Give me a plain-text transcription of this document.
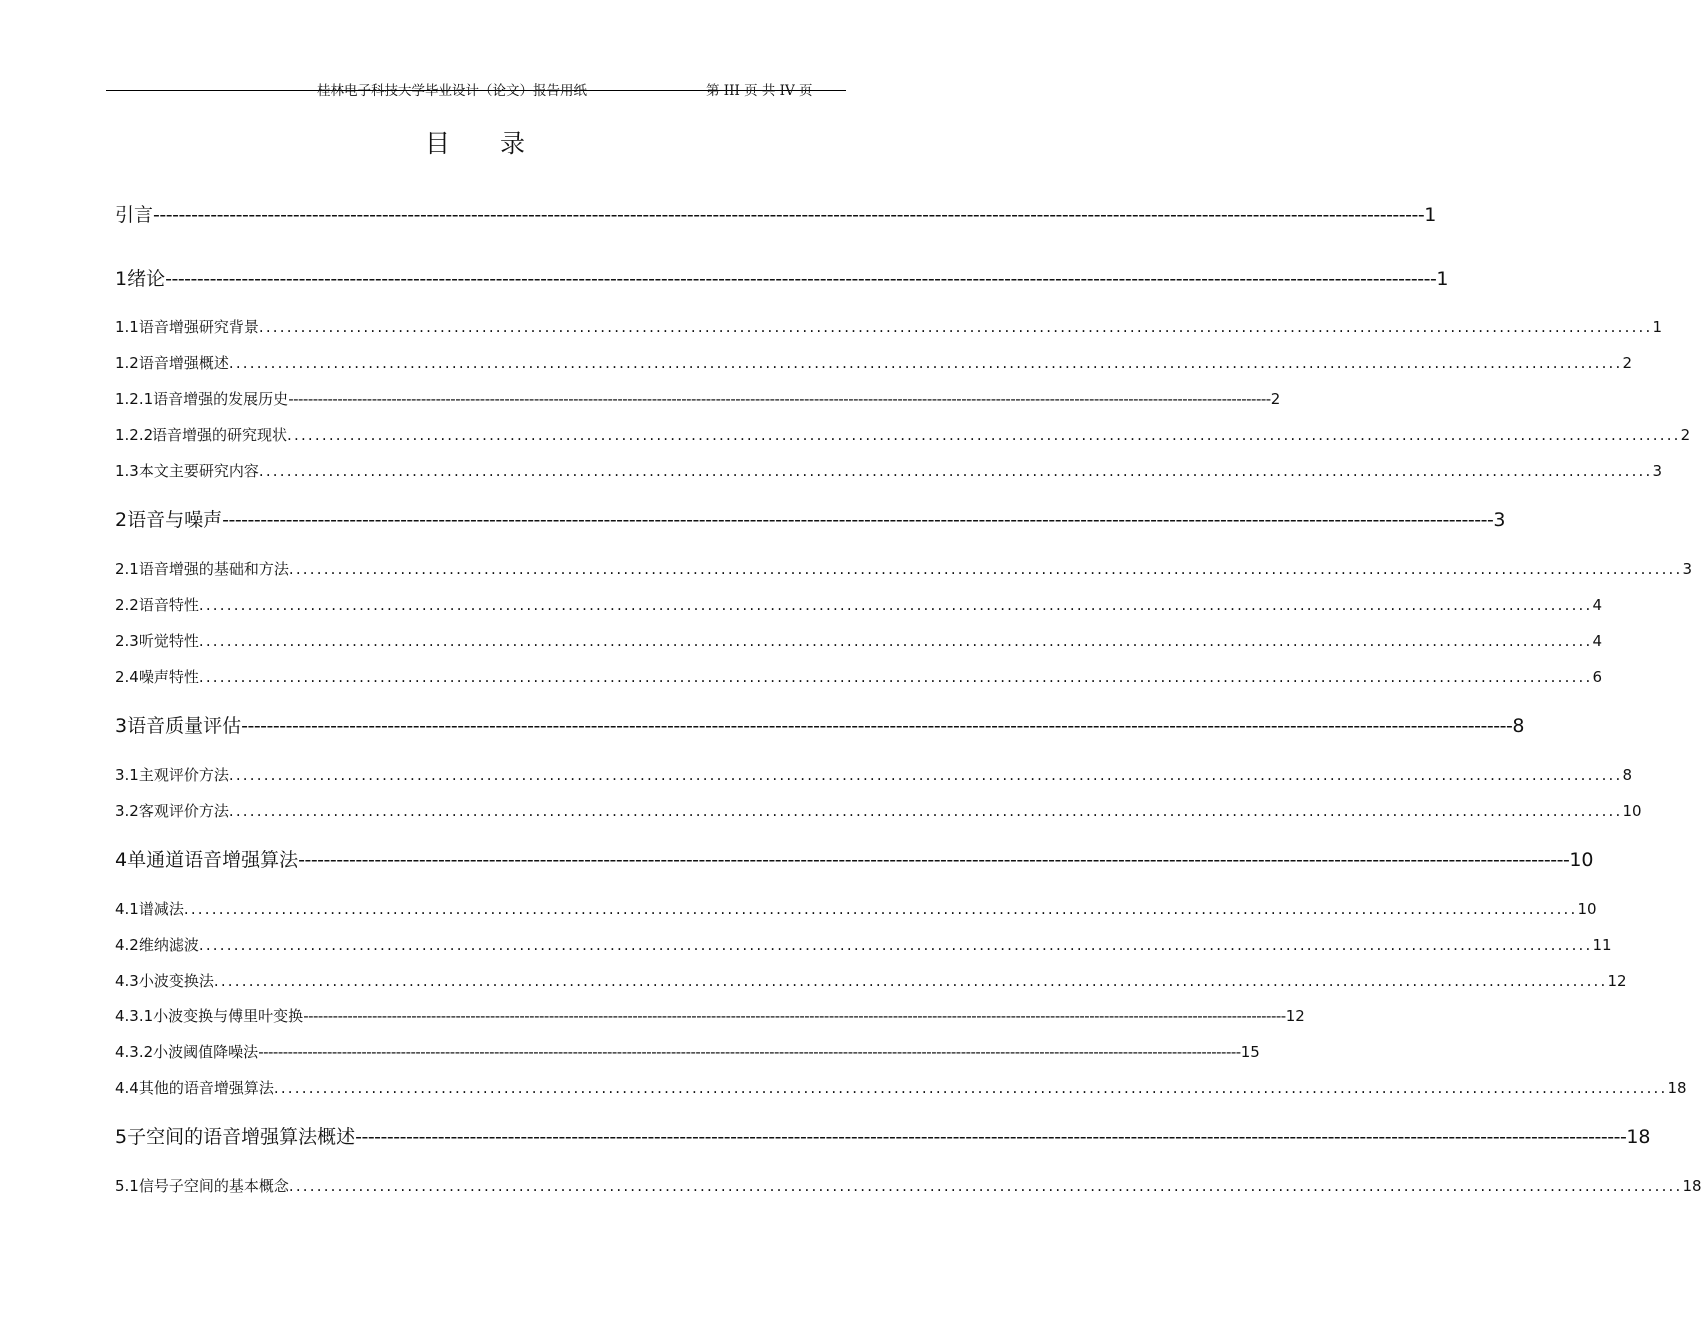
桂林电子科技大学毕业设计（论文）报告用纸	第 III 页 共 IV 页
目录
引言 -------------------------------------------------------------------------------------------------------------------------------------------------------------------------------------------------------- 1
1 绪论 -------------------------------------------------------------------------------------------------------------------------------------------------------------------------------------------------------- 1
1.1 语音增强研究背景 ........................................................................................................................................................................................................ 1
1.2 语音增强概述 ........................................................................................................................................................................................................ 2
1.2.1 语音增强的发展历史 -------------------------------------------------------------------------------------------------------------------------------------------------------------------------------------------------------- 2
1.2.2
语音增强的研究现状 ........................................................................................................................................................................................................ 2
1.3 本文主要研究内容 ........................................................................................................................................................................................................ 3
2 语音与噪声 -------------------------------------------------------------------------------------------------------------------------------------------------------------------------------------------------------- 3
2.1 语音增强的基础和方法 ........................................................................................................................................................................................................ 3
2.2 语音特性 ........................................................................................................................................................................................................ 4
2.3 听觉特性 ........................................................................................................................................................................................................ 4
2.4 噪声特性 ........................................................................................................................................................................................................ 6
3 语音质量评估 -------------------------------------------------------------------------------------------------------------------------------------------------------------------------------------------------------- 8
3.1 主观评价方法 ........................................................................................................................................................................................................ 8
3.2 客观评价方法 ........................................................................................................................................................................................................ 10
4 单通道语音增强算法 -------------------------------------------------------------------------------------------------------------------------------------------------------------------------------------------------------- 10
4.1 谱减法 ........................................................................................................................................................................................................ 10
4.2 维纳滤波 ........................................................................................................................................................................................................ 11
4.3 小波变换法 ........................................................................................................................................................................................................ 12
4.3.1 小波变换与傅里叶变换 -------------------------------------------------------------------------------------------------------------------------------------------------------------------------------------------------------- 12
4.3.2 小波阈值降噪法 -------------------------------------------------------------------------------------------------------------------------------------------------------------------------------------------------------- 15
4.4 其他的语音增强算法 ........................................................................................................................................................................................................ 18
5 子空间的语音增强算法概述 -------------------------------------------------------------------------------------------------------------------------------------------------------------------------------------------------------- 18
5.1 信号子空间的基本概念 ........................................................................................................................................................................................................ 18
